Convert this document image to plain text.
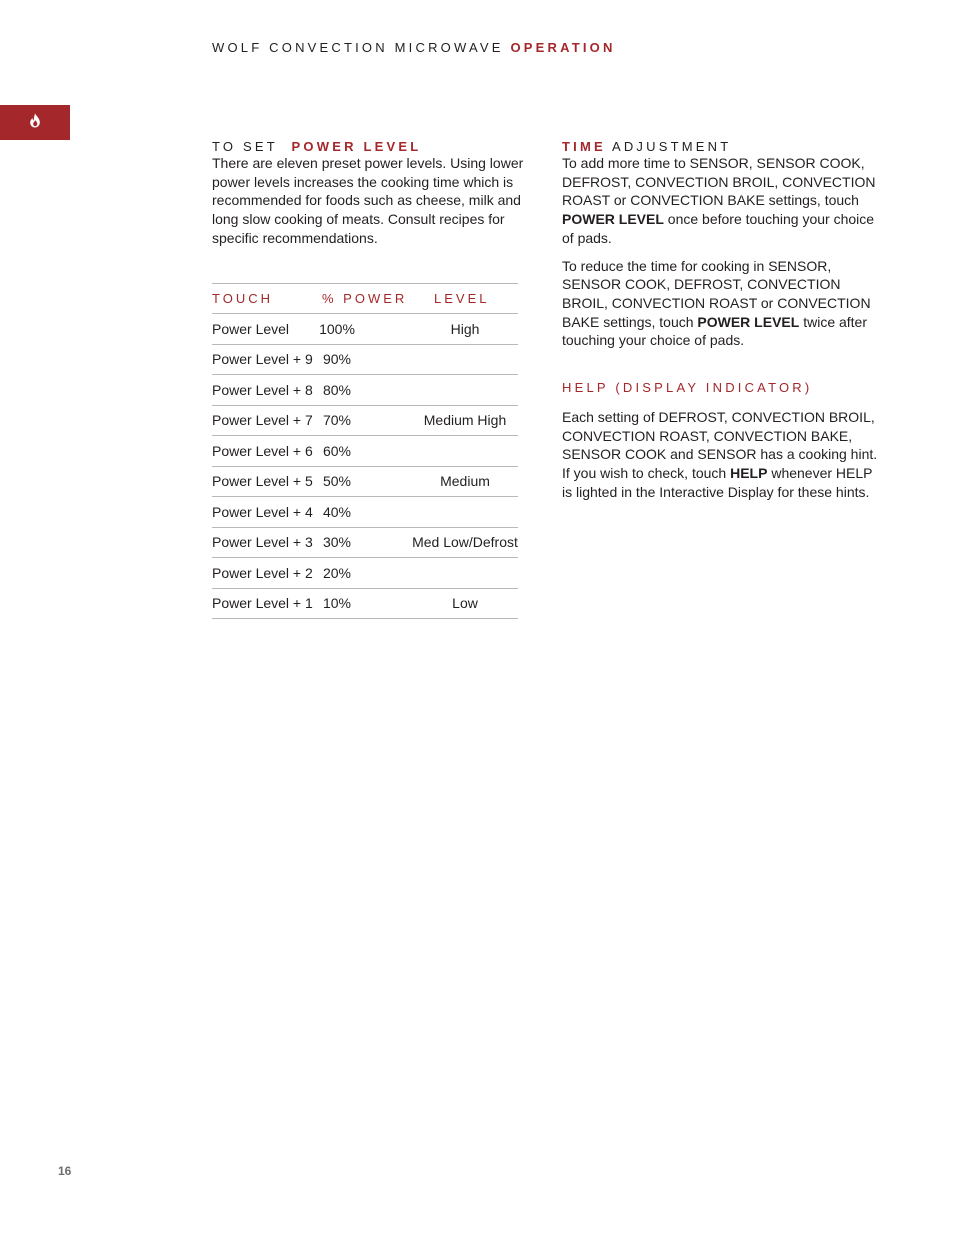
WOLF CONVECTION MICROWAVE OPERATION
TO SET POWER LEVEL

There are eleven preset power levels. Using lower power levels increases the cooking time which is recommended for foods such as cheese, milk and long slow cooking of meats. Consult recipes for specific recommendations.

TOUCH	% POWER	LEVEL
Power Level	100%	High
Power Level + 9 90%
Power Level + 8 80%
Power Level + 7 70%	Medium High
Power Level + 6 60%
Power Level + 5 50%	Medium
Power Level + 4 40%
Power Level + 3 30%	Med Low/Defrost
Power Level + 2 20%
Power Level + 1 10%	Low
TIME ADJUSTMENT

To add more time to SENSOR, SENSOR COOK, DEFROST, CONVECTION BROIL, CONVECTION ROAST or CONVECTION BAKE settings, touch POWER LEVEL once before touching your choice of pads.

To reduce the time for cooking in SENSOR, SENSOR COOK, DEFROST, CONVECTION BROIL, CONVECTION ROAST or CONVECTION BAKE settings, touch POWER LEVEL twice after touching your choice of pads.

HELP (DISPLAY INDICATOR)

Each setting of DEFROST, CONVECTION BROIL, CONVECTION ROAST, CONVECTION BAKE, SENSOR COOK and SENSOR has a cooking hint. If you wish to check, touch HELP whenever HELP is lighted in the Interactive Display for these hints.

16
